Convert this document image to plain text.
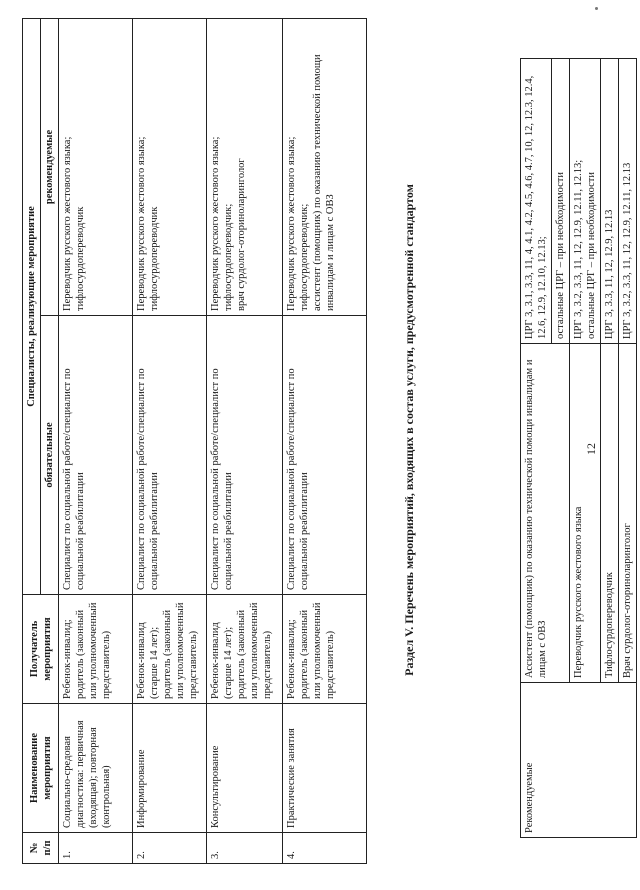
12
Рекомендуемые	Ассистент (помощник) по оказанию технической помощи инвалидам и лицам с ОВЗ	ЦРГ 3, 3.1, 3.3, 11, 4, 4.1, 4.2, 4.5, 4.6, 4.7, 10, 12, 12.3, 12.4, 12.6, 12.9, 12.10, 12.13;
		остальные ЦРГ – при необходимости
	Переводчик русского жестового языка	ЦРГ 3, 3.2, 3.3, 11, 12, 12.9, 12.11, 12.13; остальные ЦРГ – при необходимости

	Тифлосурдопереводчик	ЦРГ 3, 3.3, 11, 12, 12.9, 12.13
	Врач сурдолог-оториноларинголог	ЦРГ 3, 3.2, 3.3, 11, 12, 12.9, 12.11, 12.13
Раздел V. Перечень мероприятий, входящих в состав услуги, предусмотренной стандартом
№ п/п	Наименование мероприятия	Получатель мероприятия	Специалисты, реализующие мероприятие	
			обязательные	рекомендуемые
1.	Социально-средовая диагностика: первичная (входящая); повторная (контрольная)	Ребенок-инвалид; родитель (законный или уполномоченный представитель)	Специалист по социальной работе/специалист по социальной реабилитации	Переводчик русского жестового языка; тифлосурдопереводчик

2.	Информирование	Ребенок-инвалид (старше 14 лет); родитель (законный или уполномоченный представитель)	Специалист по социальной работе/специалист по социальной реабилитации	Переводчик русского жестового языка; тифлосурдопереводчик

3.	Консультирование	Ребенок-инвалид (старше 14 лет); родитель (законный или уполномоченный представитель)	Специалист по социальной работе/специалист по социальной реабилитации	Переводчик русского жестового языка; тифлосурдопереводчик; врач сурдолог-оториноларинголог

4.	Практические занятия	Ребенок-инвалид; родитель (законный или уполномоченный представитель)	Специалист по социальной работе/специалист по социальной реабилитации	Переводчик русского жестового языка; тифлосурдопереводчик; ассистент (помощник) по оказанию технической помощи инвалидам и лицам с ОВЗ
